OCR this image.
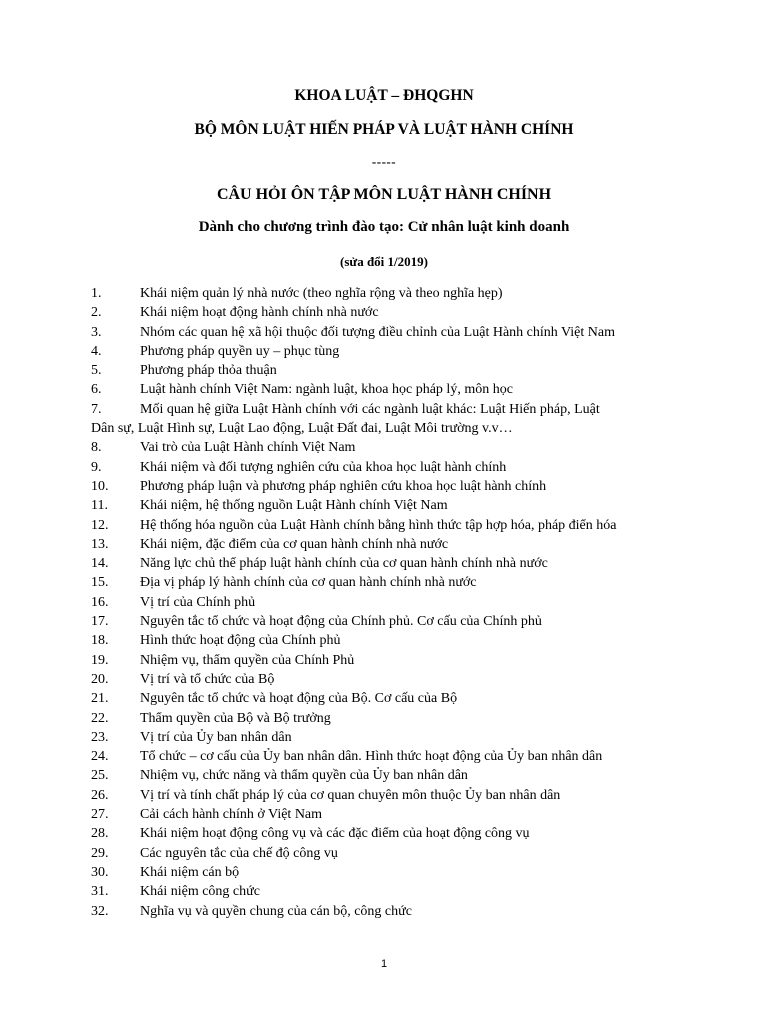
KHOA LUẬT – ĐHQGHN
BỘ MÔN LUẬT HIẾN PHÁP VÀ LUẬT HÀNH CHÍNH
-----
CÂU HỎI ÔN TẬP MÔN LUẬT HÀNH CHÍNH
Dành cho chương trình đào tạo: Cử nhân luật kinh doanh
(sửa đổi 1/2019)
1.	Khái niệm quản lý nhà nước (theo nghĩa rộng và theo nghĩa hẹp)
2.	Khái niệm hoạt động hành chính nhà nước
3.	Nhóm các quan hệ xã hội thuộc đối tượng điều chỉnh của Luật Hành chính Việt Nam
4.	Phương pháp quyền uy – phục tùng
5.	Phương pháp thỏa thuận
6.	Luật hành chính Việt Nam: ngành luật, khoa học pháp lý, môn học
7.	Mối quan hệ giữa Luật Hành chính với các ngành luật khác: Luật Hiến pháp, Luật
Dân sự, Luật Hình sự, Luật Lao động, Luật Đất đai, Luật Môi trường v.v…
8.	Vai trò của Luật Hành chính Việt Nam
9.	Khái niệm và đối tượng nghiên cứu của khoa học luật hành chính
10. Phương pháp luận và phương pháp nghiên cứu khoa học luật hành chính
11. Khái niệm, hệ thống nguồn Luật Hành chính Việt Nam
12. Hệ thống hóa nguồn của Luật Hành chính bằng hình thức tập hợp hóa, pháp điển hóa
13. Khái niệm, đặc điểm của cơ quan hành chính nhà nước
14. Năng lực chủ thể pháp luật hành chính của cơ quan hành chính nhà nước
15. Địa vị pháp lý hành chính của cơ quan hành chính nhà nước
16. Vị trí của Chính phủ
17. Nguyên tắc tổ chức và hoạt động của Chính phủ. Cơ cấu của Chính phủ
18. Hình thức hoạt động của Chính phủ
19. Nhiệm vụ, thẩm quyền của Chính Phủ
20. Vị trí và tổ chức của Bộ
21. Nguyên tắc tổ chức và hoạt động của Bộ. Cơ cấu của Bộ
22. Thẩm quyền của Bộ và Bộ trưởng
23. Vị trí của Ủy ban nhân dân
24. Tổ chức – cơ cấu của Ủy ban nhân dân. Hình thức hoạt động của Ủy ban nhân dân
25. Nhiệm vụ, chức năng và thẩm quyền của Ủy ban nhân dân
26. Vị trí và tính chất pháp lý của cơ quan chuyên môn thuộc Ủy ban nhân dân
27. Cải cách hành chính ở Việt Nam
28. Khái niệm hoạt động công vụ và các đặc điểm của hoạt động công vụ
29. Các nguyên tắc của chế độ công vụ
30. Khái niệm cán bộ
31. Khái niệm công chức
32. Nghĩa vụ và quyền chung của cán bộ, công chức
1
